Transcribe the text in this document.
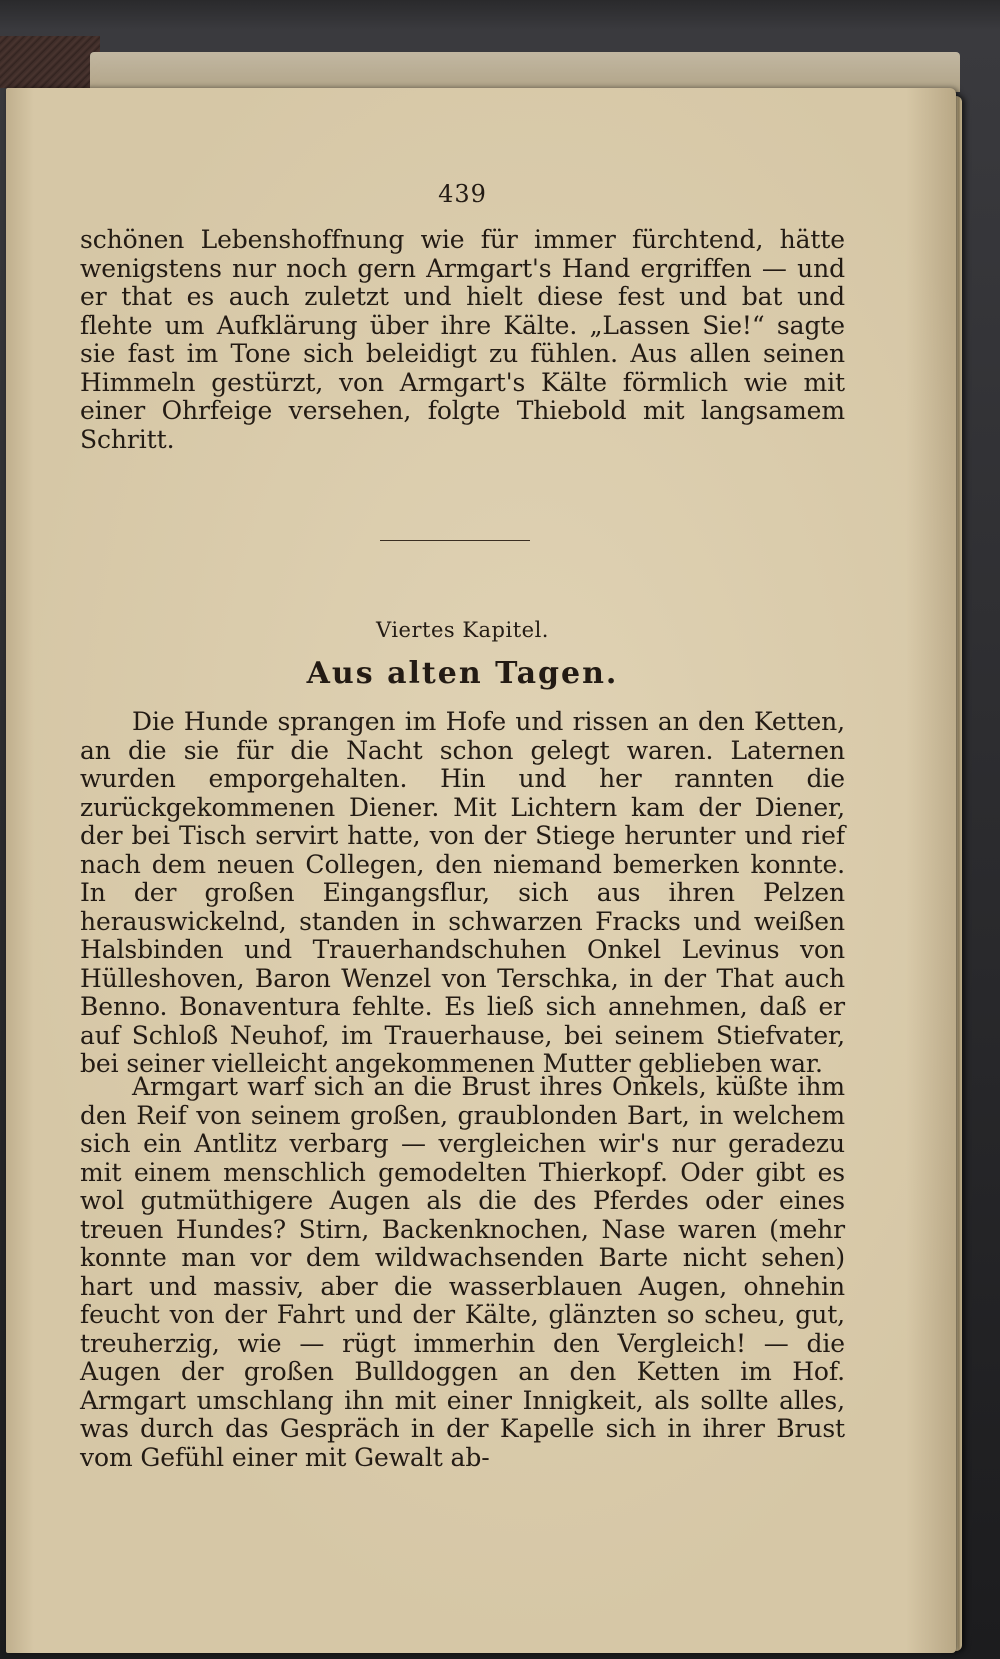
439

schönen Lebenshoffnung wie für immer fürchtend, hätte wenigstens nur noch gern Armgart's Hand ergriffen — und er that es auch zuletzt und hielt diese fest und bat und flehte um Aufklärung über ihre Kälte. „Lassen Sie!“ sagte sie fast im Tone sich beleidigt zu fühlen. Aus allen seinen Himmeln gestürzt, von Armgart's Kälte förmlich wie mit einer Ohrfeige versehen, folgte Thiebold mit langsamem Schritt.

Viertes Kapitel.
Aus alten Tagen.

Die Hunde sprangen im Hofe und rissen an den Ketten, an die sie für die Nacht schon gelegt waren. Laternen wurden emporgehalten. Hin und her rannten die zurückgekommenen Diener. Mit Lichtern kam der Diener, der bei Tisch servirt hatte, von der Stiege herunter und rief nach dem neuen Collegen, den niemand bemerken konnte. In der großen Eingangsflur, sich aus ihren Pelzen herauswickelnd, standen in schwarzen Fracks und weißen Halsbinden und Trauerhandschuhen Onkel Levinus von Hülleshoven, Baron Wenzel von Terschka, in der That auch Benno. Bonaventura fehlte. Es ließ sich annehmen, daß er auf Schloß Neuhof, im Trauerhause, bei seinem Stiefvater, bei seiner vielleicht angekommenen Mutter geblieben war.

Armgart warf sich an die Brust ihres Onkels, küßte ihm den Reif von seinem großen, graublonden Bart, in welchem sich ein Antlitz verbarg — vergleichen wir's nur geradezu mit einem menschlich gemodelten Thierkopf. Oder gibt es wol gutmüthigere Augen als die des Pferdes oder eines treuen Hundes? Stirn, Backenknochen, Nase waren (mehr konnte man vor dem wildwachsenden Barte nicht sehen) hart und massiv, aber die wasserblauen Augen, ohnehin feucht von der Fahrt und der Kälte, glänzten so scheu, gut, treuherzig, wie — rügt immerhin den Vergleich! — die Augen der großen Bulldoggen an den Ketten im Hof. Armgart umschlang ihn mit einer Innigkeit, als sollte alles, was durch das Gespräch in der Kapelle sich in ihrer Brust vom Gefühl einer mit Gewalt ab-
